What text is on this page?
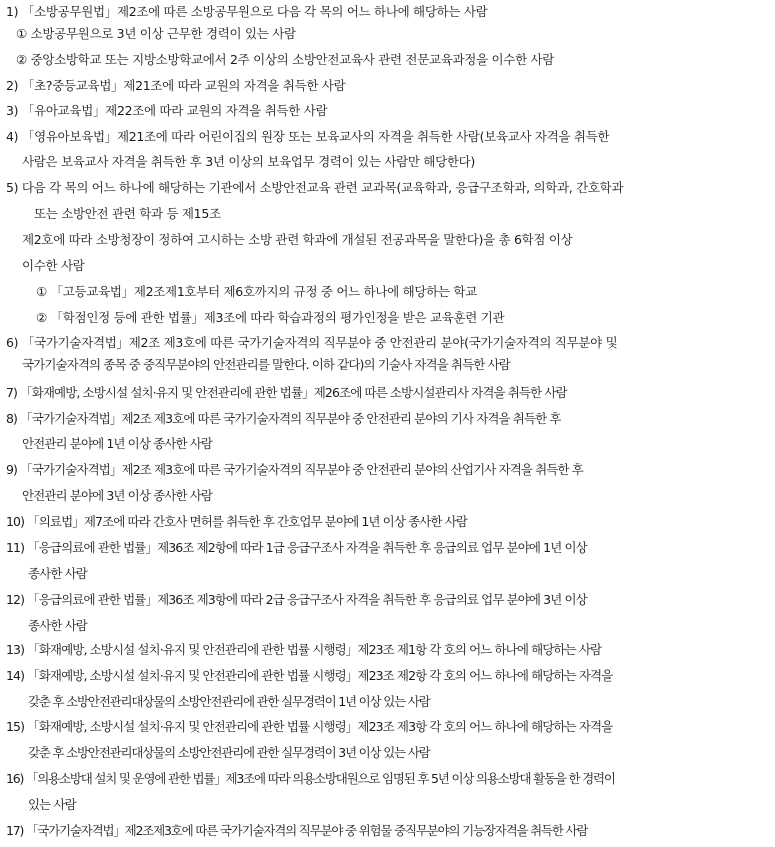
1) 「소방공무원법」제2조에 따른 소방공무원으로 다음 각 목의 어느 하나에 해당하는 사람
① 소방공무원으로 3년 이상 근무한 경력이 있는 사람
② 중앙소방학교 또는 지방소방학교에서 2주 이상의 소방안전교육사 관련 전문교육과정을 이수한 사람
2) 「초?중등교육법」제21조에 따라 교원의 자격을 취득한 사람
3) 「유아교육법」제22조에 따라 교원의 자격을 취득한 사람
4) 「영유아보육법」제21조에 따라 어린이집의 원장 또는 보육교사의 자격을 취득한 사람(보육교사 자격을 취득한
사람은 보육교사 자격을 취득한 후 3년 이상의 보육업무 경력이 있는 사람만 해당한다)
5) 다음 각 목의 어느 하나에 해당하는 기관에서 소방안전교육 관련 교과목(교육학과, 응급구조학과, 의학과, 간호학과
또는 소방안전 관련 학과 등 제15조
제2호에 따라 소방청장이 정하여 고시하는 소방 관련 학과에 개설된 전공과목을 말한다)을 총 6학점 이상
이수한 사람
① 「고등교육법」제2조제1호부터 제6호까지의 규정 중 어느 하나에 해당하는 학교
② 「학점인정 등에 관한 법률」제3조에 따라 학습과정의 평가인정을 받은 교육훈련 기관
6) 「국가기술자격법」제2조 제3호에 따른 국가기술자격의 직무분야 중 안전관리 분야(국가기술자격의 직무분야 및
국가기술자격의 종목 중 중직무분야의 안전관리를 말한다. 이하 같다)의 기술사 자격을 취득한 사람
7) 「화재예방, 소방시설 설치·유지 및 안전관리에 관한 법률」제26조에 따른 소방시설관리사 자격을 취득한 사람
8) 「국가기술자격법」제2조 제3호에 따른 국가기술자격의 직무분야 중 안전관리 분야의 기사 자격을 취득한 후
안전관리 분야에 1년 이상 종사한 사람
9) 「국가기술자격법」제2조 제3호에 따른 국가기술자격의 직무분야 중 안전관리 분야의 산업기사 자격을 취득한 후
안전관리 분야에 3년 이상 종사한 사람
10) 「의료법」제7조에 따라 간호사 면허를 취득한 후 간호업무 분야에 1년 이상 종사한 사람
11) 「응급의료에 관한 법률」제36조 제2항에 따라 1급 응급구조사 자격을 취득한 후 응급의료 업무 분야에 1년 이상
종사한 사람
12) 「응급의료에 관한 법률」제36조 제3항에 따라 2급 응급구조사 자격을 취득한 후 응급의료 업무 분야에 3년 이상
종사한 사람
13) 「화재예방, 소방시설 설치·유지 및 안전관리에 관한 법률 시행령」제23조 제1항 각 호의 어느 하나에 해당하는 사람
14) 「화재예방, 소방시설 설치·유지 및 안전관리에 관한 법률 시행령」제23조 제2항 각 호의 어느 하나에 해당하는 자격을
갖춘 후 소방안전관리대상물의 소방안전관리에 관한 실무경력이 1년 이상 있는 사람
15) 「화재예방, 소방시설 설치·유지 및 안전관리에 관한 법률 시행령」제23조 제3항 각 호의 어느 하나에 해당하는 자격을
갖춘 후 소방안전관리대상물의 소방안전관리에 관한 실무경력이 3년 이상 있는 사람
16) 「의용소방대 설치 및 운영에 관한 법률」제3조에 따라 의용소방대원으로 임명된 후 5년 이상 의용소방대 활동을 한 경력이
있는 사람
17) 「국가기술자격법」제2조제3호에 따른 국가기술자격의 직무분야 중 위험물 중직무분야의 기능장자격을 취득한 사람
